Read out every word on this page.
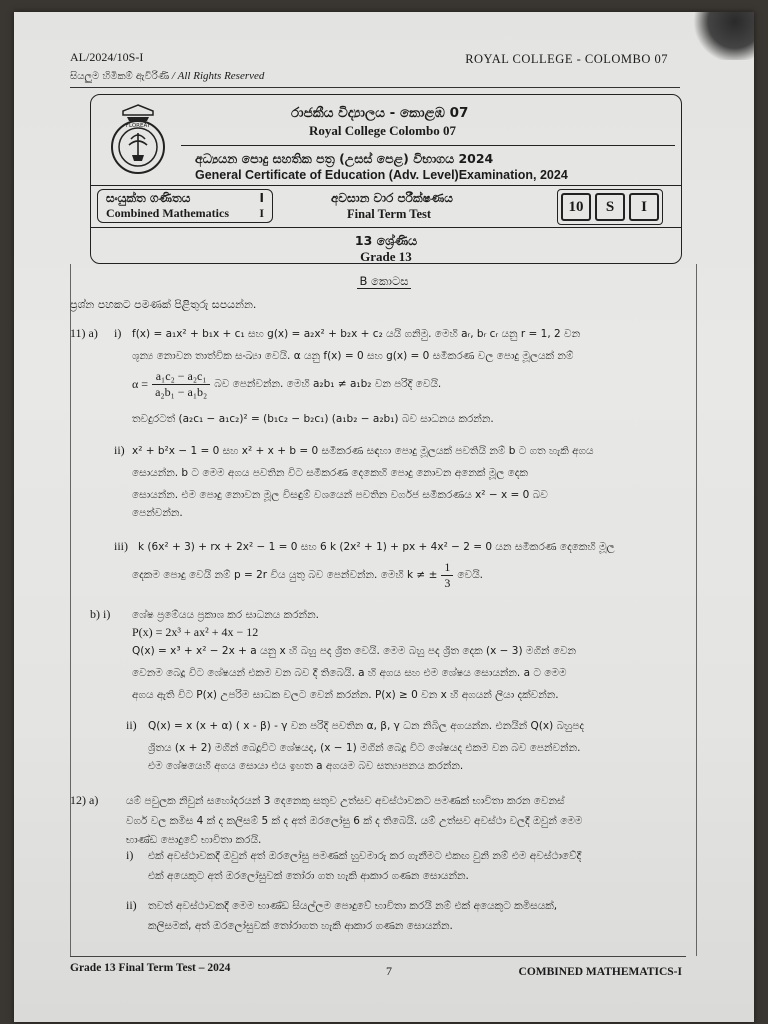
AL/2024/10S-I	ROYAL COLLEGE - COLOMBO 07
සියලුම හිමිකම් ඇවිරිණි / All Rights Reserved
FLOREAT
රාජකීය විද්‍යාලය - කොළඹ 07
Royal College Colombo 07
අධ්‍යයන පොදු සහතික පත්‍ර (උසස් පෙළ) විභාගය 2024
General Certificate of Education (Adv. Level)Examination, 2024
සංයුක්ත ගණිතය	I
Combined Mathematics	I
අවසාන වාර පරීක්ෂණය
Final Term Test	10	S	I
13 ශ්‍රේණිය
Grade 13
B කොටස
ප්‍රශ්න පහකට පමණක් පිළිතුරු සපයන්න.
11) a) i) f(x) = a₁x² + b₁x + c₁ සහ g(x) = a₂x² + b₂x + c₂ යයි ගනිමු. මෙහි aᵣ, bᵣ cᵣ යනු r = 1, 2 වන
ශුන්‍ය නොවන තාත්වික සංඛ්‍යා වෙයි. α යනු f(x) = 0 සහ g(x) = 0 සමීකරණ වල පොදු මූලයක් නම්
$\alpha = \frac{\text{a₁c₂ − a₂c₁}}{\text{a₂b₁ − a₁b₂}}$ බව පෙන්වන්න. මෙහි a₂b₁ ≠ a₁b₂ වන පරිදි වෙයි.
තවදුරටත් (a₂c₁ − a₁c₂)² = (b₁c₂ − b₂c₁) (a₁b₂ − a₂b₁) බව සාධනය කරන්න.
ii) x² + b²x − 1 = 0 සහ x² + x + b = 0 සමීකරණ සඳහා පොදු මූලයක් පවතියි නම් b ට ගත හැකි අගය
සොයන්න. b ට මෙම අගය පවතින විට සමීකරණ දෙකෙහි පොදු නොවන අනෙක් මූල දෙක
සොයන්න. එම පොදු නොවන මූල විසඳුම් වශයෙන් පවතින වර්ගජ සමීකරණය x² − x = 0 බව
පෙන්වන්න.
iii) k (6x² + 3) + rx + 2x² − 1 = 0 සහ 6 k (2x² + 1) + px + 4x² − 2 = 0 යන සමීකරණ දෙකෙහි මූල
දෙකම පොදු වෙයි නම් p = 2r විය යුතු බව පෙන්වන්න. මෙහි k ≠ ± $\frac{1}{3}$ වෙයි.
b) i) ශේෂ ප්‍රමේයය ප්‍රකාශ කර සාධනය කරන්න.
P(x) = 2x³ + ax² + 4x − 12
Q(x) = x³ + x² − 2x + a යනු x හි බහු පද ශ්‍රිත වෙයි. මෙම බහු පද ශ්‍රිත දෙක (x − 3) මගින් වෙන
වෙනම බෙදූ විට ශේෂයන් එකම වන බව දී තිබෙයි. a හි අගය සහ එම ශේෂය සොයන්න. a ට මෙම
අගය ඇති විට P(x) උපරිම සාධක වලට වෙන් කරන්න. P(x) ≥ 0 වන x හි අගයන් ලියා දක්වන්න.
ii) Q(x) = x (x + α) ( x - β) - γ වන පරිදි පවතින α, β, γ ධන නිබිල අගයන්න. එනයින් Q(x) බහුපද
ශ්‍රිතය (x + 2) මගින් බෙදූවිට ශේෂයද, (x − 1) මගින් බෙදූ විට ශේෂයද එකම වන බව පෙන්වන්න.
එම ශේෂයෙහි අගය සොයා එය ඉහත a අගයම බව සත්‍යාපනය කරන්න.
12) a)	යම් පවුලක නිවුන් සහෝදරයන් 3 දෙනෙකු සතුව උත්සව අවස්ථාවකට පමණක් භාවිතා කරන වෙනස්
වර්ග වල කමිස 4 ක් ද කලිසම් 5 ක් ද අත් ඔරලෝසු 6 ක් ද තිබෙයි. යම් උත්සව අවස්ථා වලදී ඔවුන් මෙම
භාණ්ඩ පොදුවේ භාවිතා කරයි.
i) එක් අවස්ථාවකදී ඔවුන් අත් ඔරලෝසු පමණක් හුවමාරු කර ගැනීමට එකඟ වුනි නම් එම අවස්ථාවේදී
එක් අයෙකුට අත් ඔරලෝසුවක් තෝරා ගත හැකි ආකාර ගණන සොයන්න.
ii) තවත් අවස්ථාවකදී මෙම භාණ්ඩ සියල්ලම පොදුවේ භාවිතා කරයි නම් එක් අයෙකුට කමිසයක්,
කලිසමක්, අත් ඔරලෝසුවක් තෝරාගත හැකි ආකාර ගණන සොයන්න.
Grade 13 Final Term Test – 2024	7	COMBINED MATHEMATICS-I
